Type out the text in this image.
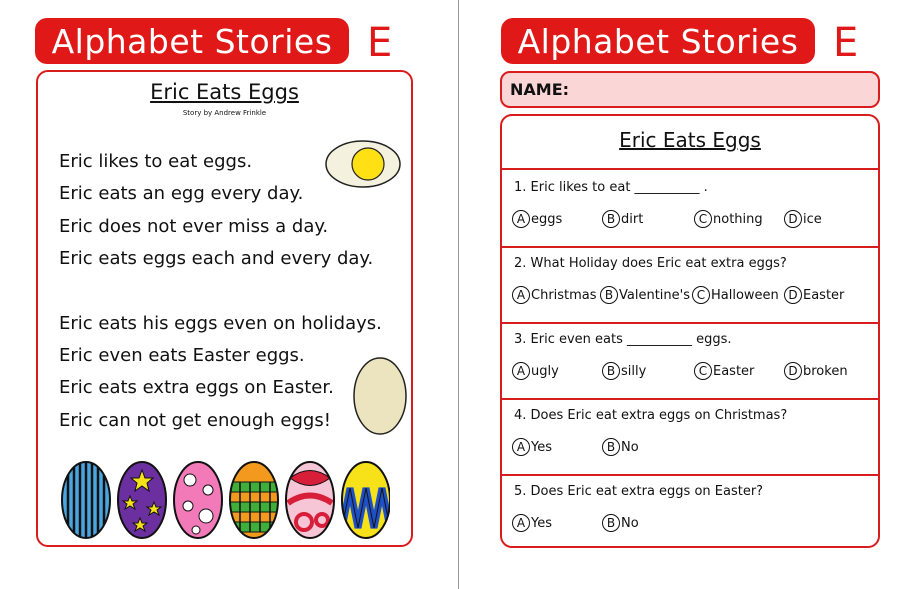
Alphabet Stories E
Eric Eats Eggs
Story by Andrew Frinkle
Eric likes to eat eggs.
Eric eats an egg every day.
Eric does not ever miss a day.
Eric eats eggs each and every day.
Eric eats his eggs even on holidays.
Eric even eats Easter eggs.
Eric eats extra eggs on Easter.
Eric can not get enough eggs!
Alphabet Stories E
NAME:
Eric Eats Eggs
1. Eric likes to eat __________ .
A eggs	B dirt	C nothing	D ice
2. What Holiday does Eric eat extra eggs?
A Christmas B Valentine's C Halloween D Easter
3. Eric even eats __________ eggs.
A ugly	B silly	C Easter	D broken
4. Does Eric eat extra eggs on Christmas?
A Yes	B No
5. Does Eric eat extra eggs on Easter?
A Yes	B No
